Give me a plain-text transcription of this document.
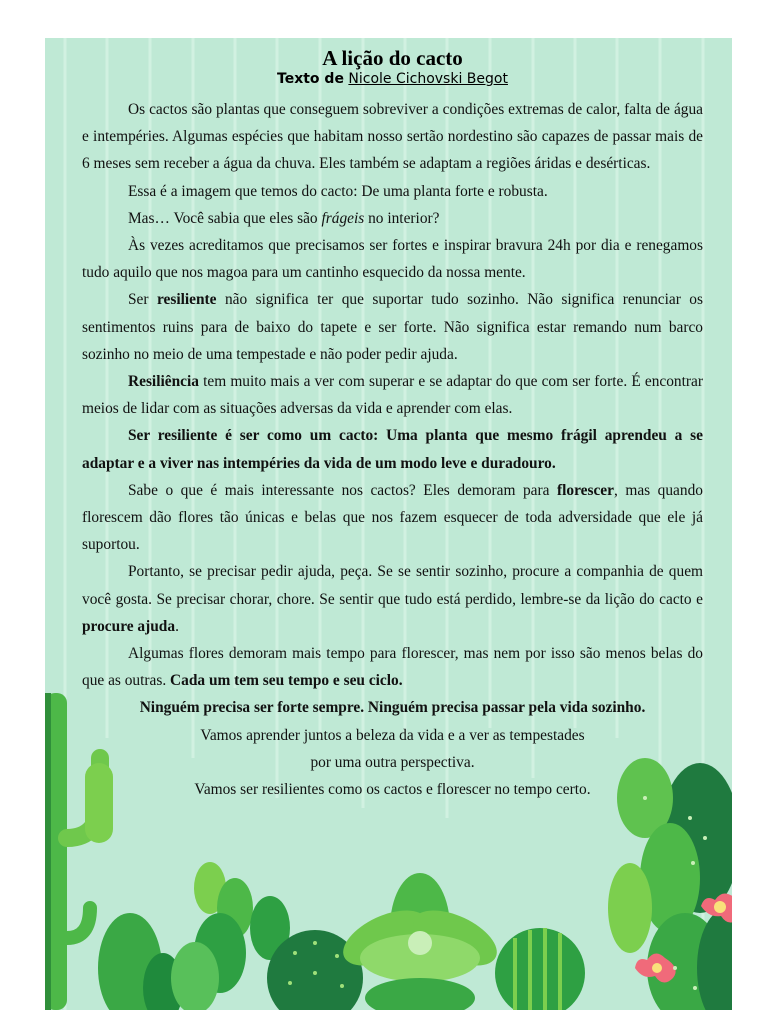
A lição do cacto

Texto de Nicole Cichovski Begot

Os cactos são plantas que conseguem sobreviver a condições extremas de calor, falta de água e intempéries. Algumas espécies que habitam nosso sertão nordestino são capazes de passar mais de 6 meses sem receber a água da chuva. Eles também se adaptam a regiões áridas e desérticas.

Essa é a imagem que temos do cacto: De uma planta forte e robusta.

Mas… Você sabia que eles são frágeis no interior?

Às vezes acreditamos que precisamos ser fortes e inspirar bravura 24h por dia e renegamos tudo aquilo que nos magoa para um cantinho esquecido da nossa mente.

Ser resiliente não significa ter que suportar tudo sozinho. Não significa renunciar os sentimentos ruins para de baixo do tapete e ser forte. Não significa estar remando num barco sozinho no meio de uma tempestade e não poder pedir ajuda.

Resiliência tem muito mais a ver com superar e se adaptar do que com ser forte. É encontrar meios de lidar com as situações adversas da vida e aprender com elas.

Ser resiliente é ser como um cacto: Uma planta que mesmo frágil aprendeu a se adaptar e a viver nas intempéries da vida de um modo leve e duradouro.

Sabe o que é mais interessante nos cactos? Eles demoram para florescer, mas quando florescem dão flores tão únicas e belas que nos fazem esquecer de toda adversidade que ele já suportou.

Portanto, se precisar pedir ajuda, peça. Se se sentir sozinho, procure a companhia de quem você gosta. Se precisar chorar, chore. Se sentir que tudo está perdido, lembre-se da lição do cacto e procure ajuda.

Algumas flores demoram mais tempo para florescer, mas nem por isso são menos belas do que as outras. Cada um tem seu tempo e seu ciclo.

Ninguém precisa ser forte sempre. Ninguém precisa passar pela vida sozinho.

Vamos aprender juntos a beleza da vida e a ver as tempestades

por uma outra perspectiva.

Vamos ser resilientes como os cactos e florescer no tempo certo.
